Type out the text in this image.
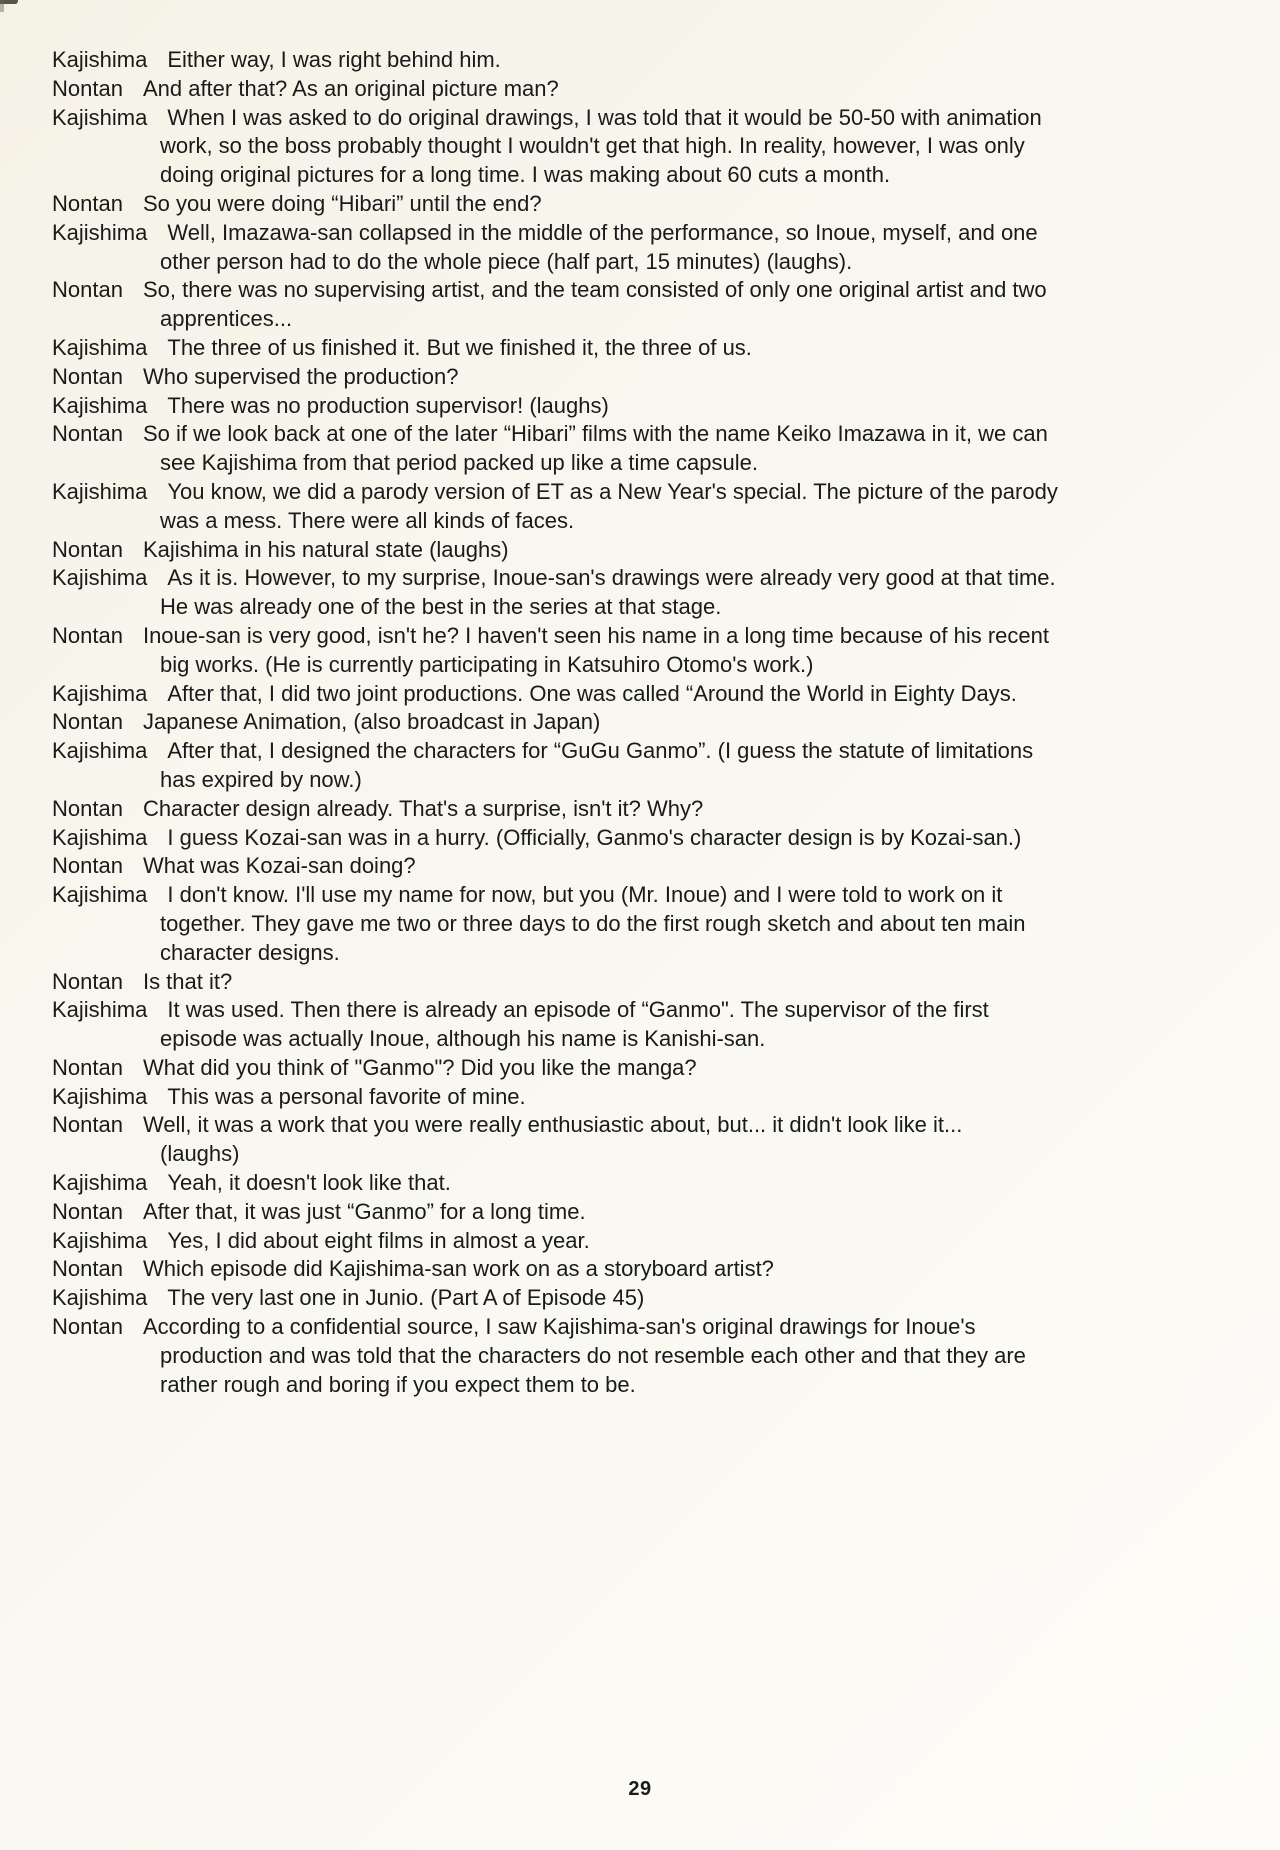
Kajishima Either way, I was right behind him.
Nontan And after that? As an original picture man?
Kajishima When I was asked to do original drawings, I was told that it would be 50-50 with animation
work, so the boss probably thought I wouldn't get that high. In reality, however, I was only
doing original pictures for a long time. I was making about 60 cuts a month.
Nontan So you were doing “Hibari” until the end?
Kajishima Well, Imazawa-san collapsed in the middle of the performance, so Inoue, myself, and one
other person had to do the whole piece (half part, 15 minutes) (laughs).
Nontan So, there was no supervising artist, and the team consisted of only one original artist and two
apprentices...
Kajishima The three of us finished it. But we finished it, the three of us.
Nontan Who supervised the production?
Kajishima There was no production supervisor! (laughs)
Nontan So if we look back at one of the later “Hibari” films with the name Keiko Imazawa in it, we can
see Kajishima from that period packed up like a time capsule.
Kajishima You know, we did a parody version of ET as a New Year's special. The picture of the parody
was a mess. There were all kinds of faces.
Nontan Kajishima in his natural state (laughs)
Kajishima As it is. However, to my surprise, Inoue-san's drawings were already very good at that time.
He was already one of the best in the series at that stage.
Nontan Inoue-san is very good, isn't he? I haven't seen his name in a long time because of his recent
big works. (He is currently participating in Katsuhiro Otomo's work.)
Kajishima After that, I did two joint productions. One was called “Around the World in Eighty Days.
Nontan Japanese Animation, (also broadcast in Japan)
Kajishima After that, I designed the characters for “GuGu Ganmo”. (I guess the statute of limitations
has expired by now.)
Nontan Character design already. That's a surprise, isn't it? Why?
Kajishima I guess Kozai-san was in a hurry. (Officially, Ganmo's character design is by Kozai-san.)
Nontan What was Kozai-san doing?
Kajishima I don't know. I'll use my name for now, but you (Mr. Inoue) and I were told to work on it
together. They gave me two or three days to do the first rough sketch and about ten main
character designs.
Nontan Is that it?
Kajishima It was used. Then there is already an episode of “Ganmo". The supervisor of the first
episode was actually Inoue, although his name is Kanishi-san.
Nontan What did you think of "Ganmo"? Did you like the manga?
Kajishima This was a personal favorite of mine.
Nontan Well, it was a work that you were really enthusiastic about, but... it didn't look like it...
(laughs)
Kajishima Yeah, it doesn't look like that.
Nontan After that, it was just “Ganmo” for a long time.
Kajishima Yes, I did about eight films in almost a year.
Nontan Which episode did Kajishima-san work on as a storyboard artist?
Kajishima The very last one in Junio. (Part A of Episode 45)
Nontan According to a confidential source, I saw Kajishima-san's original drawings for Inoue's
production and was told that the characters do not resemble each other and that they are
rather rough and boring if you expect them to be.
29
